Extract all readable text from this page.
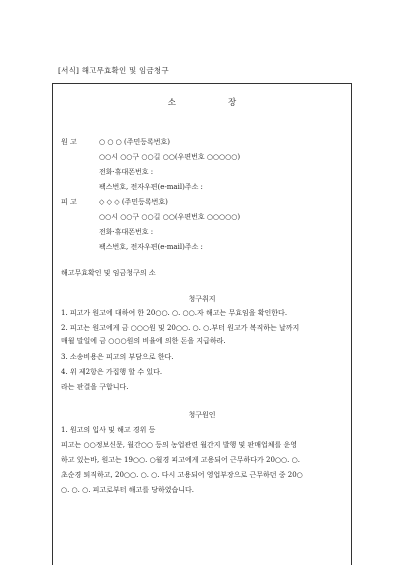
[서식] 해고무효확인 및 임금청구
소장
원 고	○ ○ ○ (주민등록번호)
○○시 ○○구 ○○길 ○○(우편번호 ○○○○○)
전화·휴대폰번호 :
팩스번호, 전자우편(e-mail)주소 :
피 고	◇ ◇ ◇ (주민등록번호)
○○시 ○○구 ○○길 ○○(우편번호 ○○○○○)
전화·휴대폰번호 :
팩스번호, 전자우편(e-mail)주소 :
해고무효확인 및 임금청구의 소
청구취지
1. 피고가 원고에 대하여 한 20○○. ○. ○○.자 해고는 무효임을 확인한다.
2. 피고는 원고에게 금 ○○○원 및 20○○. ○. ○.부터 원고가 복직하는 날까지
매월 말일에 금 ○○○원의 비율에 의한 돈을 지급하라.
3. 소송비용은 피고의 부담으로 한다.
4. 위 제2항은 가집행 할 수 있다.
라는 판결을 구합니다.
청구원인
1. 원고의 입사 및 해고 경위 등
피고는 ○○정보신문, 월간○○ 등의 농업관련 월간지 발행 및 판매업체를 운영
하고 있는바, 원고는 19○○. ○월경 피고에게 고용되어 근무하다가 20○○. ○.
초순경 퇴직하고, 20○○. ○. ○. 다시 고용되어 영업부장으로 근무하던 중 20○
○. ○. ○. 피고로부터 해고를 당하였습니다.
